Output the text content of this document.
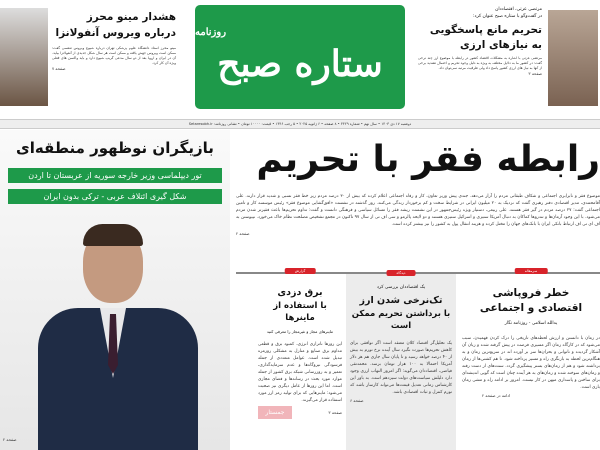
مرتضی عزتی، اقتصاددان
در گفت‌وگو با ستاره صبح عنوان کرد:
تحریم مانع پاسخگویی
به نیازهای ارزی
مرتضی عزتی با اشاره به مشکلات اقتصاد کشور در رابطه با موضوع ارز چند نرخی گفت: در کشور ما به دلایل مختلف به ویژه به دلیل وجود تحریم و احتمال تشدید برخی از آنها به نیاز های ارزی کشور پاسخ داد ولی ظرفیت مرتبه نمی‌توان داد.
صفحه ۳
روزنامه
ستاره صبح
هشدار مینو محرز
درباره ویروس آنفولانزا
مینو محرز استاد دانشگاه علوم پزشکی تهران درباره شیوع ویروس تنفسی گفت: ممکن است ویروس جهش یافته و ممکن است هر سال شکل جدیدی از آنفولانزا بیاید. آن در ایران و اروپا بعد از دو سال مدعی گریپ شیوع دارد و باید واکسن های فعلی ویژه آن کار کرد.
صفحه ۷
دوشنبه ۱۷ دی ۱۴۰۳ • سال نهم • شماره ۳۴۲۹ • ۸ صفحه • ۶ ژانویه ۲۰۲۵ • ۵ رجب ۱۴۴۶ • قیمت: ۱۰۰۰۰ تومان • نشانی روزنامه: Setaresobh.ir
بازیگران نوظهور منطقه‌ای
تور دیپلماسی وزیر خارجه سوریه از عربستان تا اردن
شکل گیری ائتلاف عربی - ترکی بدون ایران
صفحه ۲
رابطه فقر با تحریم
موضوع فقر و نابرابری اجتماعی و شکاف طبقاتی مردم را آزار می‌دهد. جندی پیش وزیر تعاون، کار و رفاه اجتماعی اعلام کرده که بیش از ۳۰ درصد مردم زیر خط فقر نسبی و شدید قرار دارند. علی آقامحمدی، مدیر اقتصادی دفتر رهبری گفت که نزدیک به ۲۰ میلیون ایرانی در شرایط سخت و کم برخوردار زندگی می‌کنند. روز گذشته در نشست «افق‌گشایی موضوع فقر» رئیس موسسه کار و تامین اجتماعی گفت: ۲۷ درصد مردم در گیر فقر هستند. علی ربیعی، دستیار ویژه رئیس‌جمهور در این نشست ریشه فقر را مسائل سیاسی و فرهنگی دانست و گفت: تداوم تحریم‌ها باعث فقیرتر شدن مردم می‌شود. با این وجود آرمان‌ها و تندروها کماکان به دنبال آمریکا ستیزی و اسرائیل ستیزی هستند و دو لایحه پالرمو و سی اف تی از سال ۹۷ تاکنون در مجمع تشخیص مصلحت نظام خاک می‌خورد. نپیوستن به اف ای تی اف ارتباط بانکی ایران با بانک‌های جهان را مختل کرده و هزینه انتقال پول به کشور را نیز بیشتر کرده است.
صفحه ۲
سرمقاله
خطر فروپاشی
اقتصادی و اجتماعی
یدالله اسلامی - روزنامه نگار
در زمان با دانستن و ارزش لحظه‌های تاریخی را درک کردن فهمیدن، سبب می‌شود که در کارگاه زمان اگر مسیری فرصت در پیش گرفته شده و زبان آن آشکار گردیده و ناتوانی و بحران‌ها سر بر آورده اند در سریع‌ترین زمان و به هنگام‌ترین لحظه به بازنگری راه و مسیر پرداخته شود. تا هم کشتی‌ها از زمان برداشته شود و هم از زمان‌های بستر پیشگیری گردد. سنت‌های از دست رفته و زمان‌های سوخته شده و زمان‌های به هر آینده چنان است که گویی اندیشه‌ای برای ساختن و پاسداری میهن در کار نیست. امروز بر ادامه راه و مشی زمان بازی است.
ادامه در صفحه ۲
دیدگاه
یک اقتصاددان بررسی کرد
تک‌نرخی شدن ارز
با برداشتن تحریم ممکن است
یک تحلیل‌گر اقتصاد کلان معتقد است اگر توافقی برای کاهش تحریم‌ها صورت نگیرد سال آینده نرخ تورم به بیش از ۴۰ درصد خواهد رسید و تا پایان سال جاری هم هر دلار آمریکا احتمالا به ۱۰۰ هزار تومان برسد. محمدتقی فیاضی، اقتصاددان می‌گوید: اگر امروز التهاب ارزی وجود دارد دلیلش سیاست‌های دولت سیزدهم است. به باور این کارشناس زمانی تعدیل قیمت‌ها می‌تواند کارساز باشد که تورم کنترل و ثبات اقتصادی باشد.
صفحه ۶
گزارش
برق دزدی
با استفاده از ماینرها
ماینرهای مجاز و غیرمجاز را معرفی کنید
این روزها ناترازی انرژی، کمبود برق و قطعی مداوم برق صنایع و منازل به مشکلی روزمره تبدیل شده است. عوامل متعددی از جمله فرسودگی نیروگاه‌ها و عدم سرمایه‌گذاری، تعمیر و به روزرسانی شبکه برق کشور از جمله موارد مورد بحث در رسانه‌ها و فضای مجازی است. اما این روزها از عامل دیگری نیز صحبت می‌شود: ماینرهایی که برای تولید رمز ارز مورد استفاده قرار می‌گیرند.
صفحه ۳
جمستار
